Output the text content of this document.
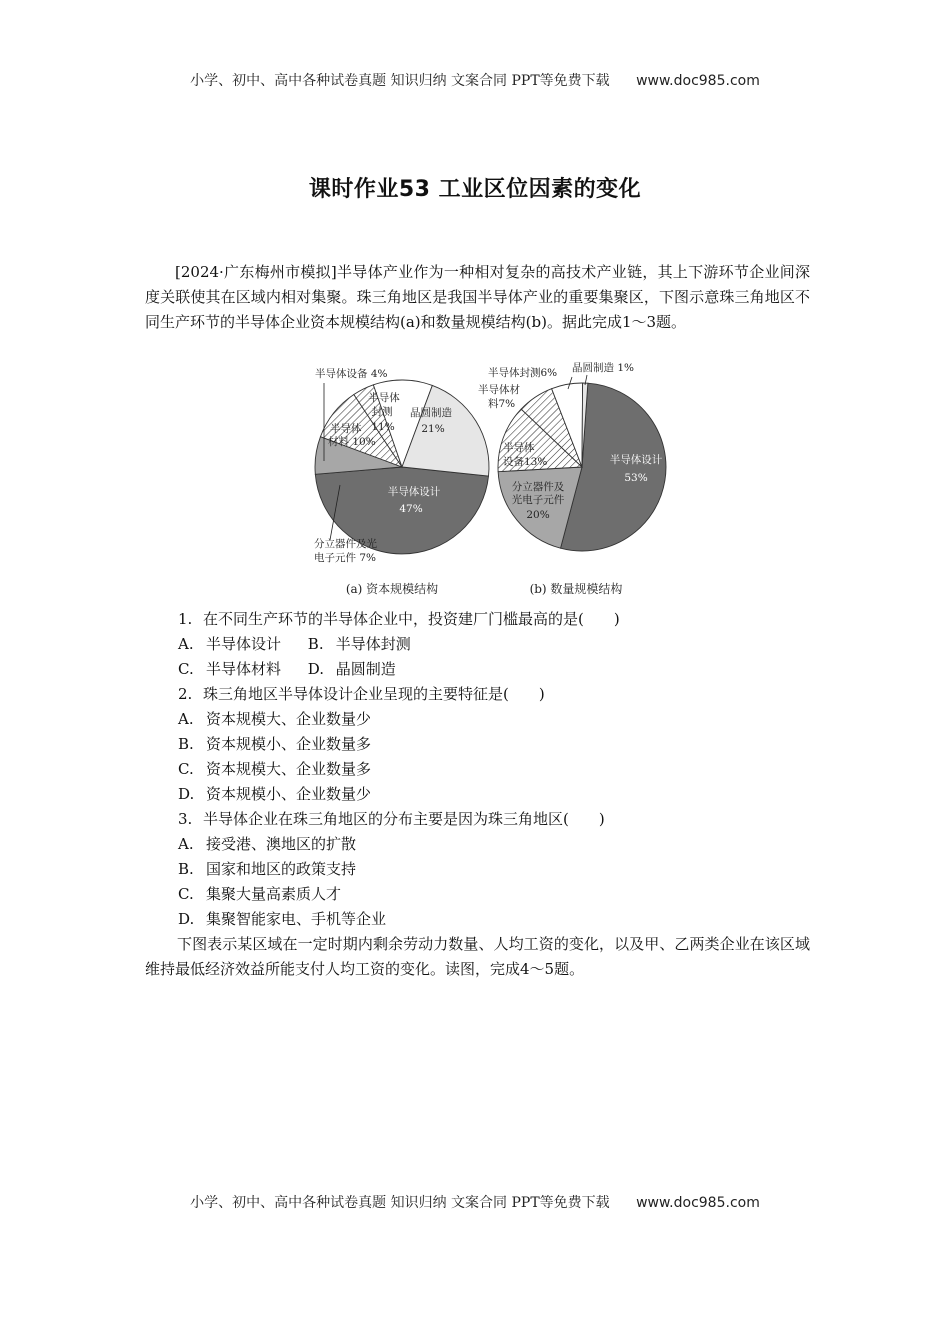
小学、初中、高中各种试卷真题 知识归纳 文案合同 PPT等免费下载 www.doc985.com
课时作业53 工业区位因素的变化
[2024·广东梅州市模拟]半导体产业作为一种相对复杂的高技术产业链，其上下游环节企业间深度关联使其在区域内相对集聚。珠三角地区是我国半导体产业的重要集聚区，下图示意珠三角地区不同生产环节的半导体企业资本规模结构(a)和数量规模结构(b)。据此完成1～3题。
半导体设备 4%
半导体
封测
11%
晶圆制造
21%
半导体
材料 10%
半导体设计
47%
分立器件及光
电子元件 7%
半导体封测6% 晶圆制造 1%
半导体材
料7%
半导体
设备13%	半导体设计
53%
分立器件及
光电子元件
20%
(a) 资本规模结构	(b) 数量规模结构
1. 在不同生产环节的半导体企业中，投资建厂门槛最高的是(　　)
A. 半导体设计 B. 半导体封测
C. 半导体材料 D. 晶圆制造
2. 珠三角地区半导体设计企业呈现的主要特征是(　　)
A. 资本规模大、企业数量少
B. 资本规模小、企业数量多
C. 资本规模大、企业数量多
D. 资本规模小、企业数量少
3. 半导体企业在珠三角地区的分布主要是因为珠三角地区(　　)
A. 接受港、澳地区的扩散
B. 国家和地区的政策支持
C. 集聚大量高素质人才
D. 集聚智能家电、手机等企业
下图表示某区域在一定时期内剩余劳动力数量、人均工资的变化，以及甲、乙两类企业在该区域维持最低经济效益所能支付人均工资的变化。读图，完成4～5题。
小学、初中、高中各种试卷真题 知识归纳 文案合同 PPT等免费下载 www.doc985.com
